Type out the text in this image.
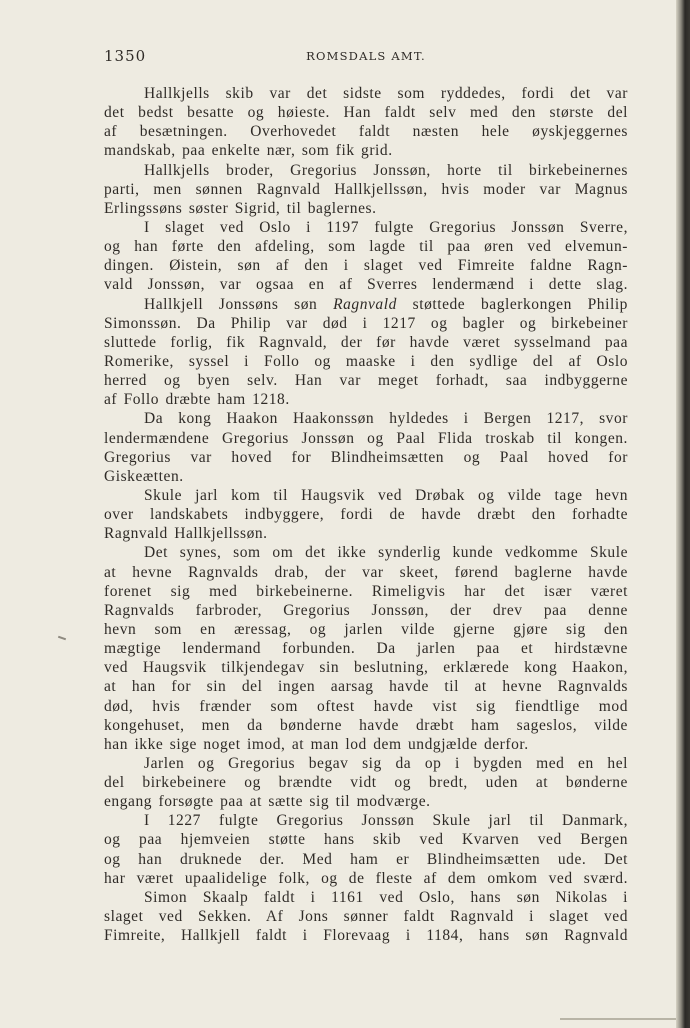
1350	ROMSDALS AMT.
Hallkjells skib var det sidste som ryddedes, fordi det var
det bedst besatte og høieste. Han faldt selv med den største del
af besætningen. Overhovedet faldt næsten hele øyskjeggernes
mandskab, paa enkelte nær, som fik grid.
Hallkjells broder, Gregorius Jonssøn, horte til birkebeinernes
parti, men sønnen Ragnvald Hallkjellssøn, hvis moder var Magnus
Erlingssøns søster Sigrid, til baglernes.
I slaget ved Oslo i 1197 fulgte Gregorius Jonssøn Sverre,
og han førte den afdeling, som lagde til paa øren ved elvemun-
dingen. Øistein, søn af den i slaget ved Fimreite faldne Ragn-
vald Jonssøn, var ogsaa en af Sverres lendermænd i dette slag.
Hallkjell Jonssøns søn Ragnvald støttede baglerkongen Philip
Simonssøn. Da Philip var død i 1217 og bagler og birkebeiner
sluttede forlig, fik Ragnvald, der før havde været sysselmand paa
Romerike, syssel i Follo og maaske i den sydlige del af Oslo
herred og byen selv. Han var meget forhadt, saa indbyggerne
af Follo dræbte ham 1218.
Da kong Haakon Haakonssøn hyldedes i Bergen 1217, svor
lendermændene Gregorius Jonssøn og Paal Flida troskab til kongen.
Gregorius var hoved for Blindheimsætten og Paal hoved for
Giskeætten.
Skule jarl kom til Haugsvik ved Drøbak og vilde tage hevn
over landskabets indbyggere, fordi de havde dræbt den forhadte
Ragnvald Hallkjellssøn.
Det synes, som om det ikke synderlig kunde vedkomme Skule
at hevne Ragnvalds drab, der var skeet, førend baglerne havde
forenet sig med birkebeinerne. Rimeligvis har det især været
Ragnvalds farbroder, Gregorius Jonssøn, der drev paa denne
hevn som en æressag, og jarlen vilde gjerne gjøre sig den
mægtige lendermand forbunden. Da jarlen paa et hirdstævne
ved Haugsvik tilkjendegav sin beslutning, erklærede kong Haakon,
at han for sin del ingen aarsag havde til at hevne Ragnvalds
død, hvis frænder som oftest havde vist sig fiendtlige mod
kongehuset, men da bønderne havde dræbt ham sageslos, vilde
han ikke sige noget imod, at man lod dem undgjælde derfor.
Jarlen og Gregorius begav sig da op i bygden med en hel
del birkebeinere og brændte vidt og bredt, uden at bønderne
engang forsøgte paa at sætte sig til modværge.
I 1227 fulgte Gregorius Jonssøn Skule jarl til Danmark,
og paa hjemveien støtte hans skib ved Kvarven ved Bergen
og han druknede der. Med ham er Blindheimsætten ude. Det
har været upaalidelige folk, og de fleste af dem omkom ved sværd.
Simon Skaalp faldt i 1161 ved Oslo, hans søn Nikolas i
slaget ved Sekken. Af Jons sønner faldt Ragnvald i slaget ved
Fimreite, Hallkjell faldt i Florevaag i 1184, hans søn Ragnvald
